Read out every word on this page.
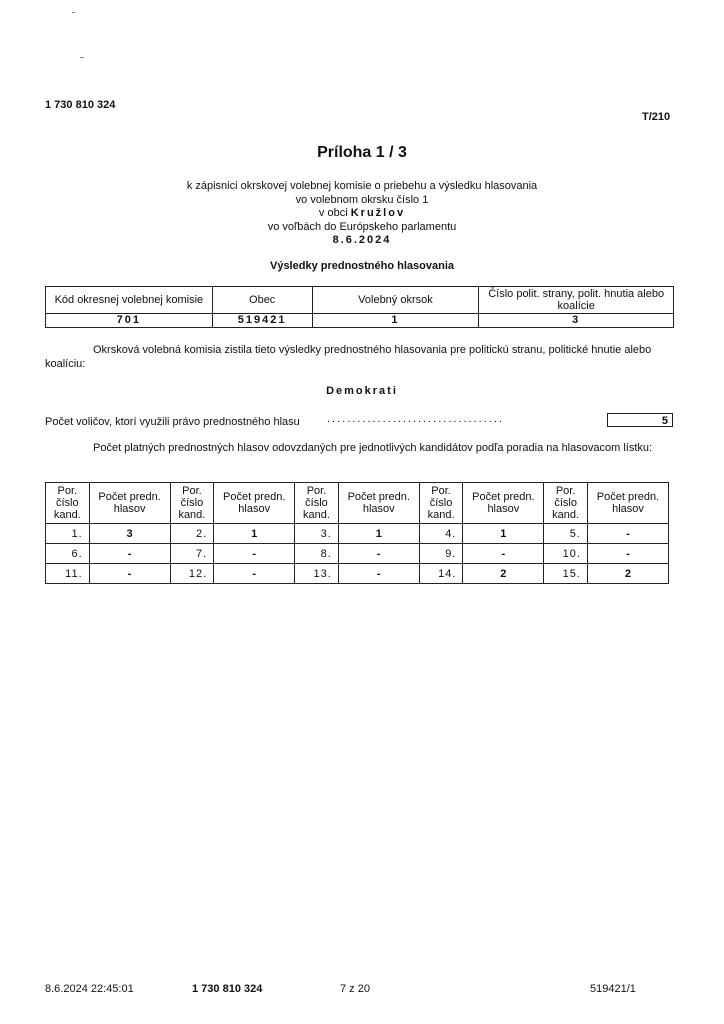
1 730 810 324
T/210
Príloha 1 / 3
k zápisnici okrskovej volebnej komisie o priebehu a výsledku hlasovania
vo volebnom okrsku číslo 1
v obci Kružlov
vo voľbách do Európskeho parlamentu
8.6.2024
Výsledky prednostného hlasovania
Kód okresnej volebnej komisie	Obec	Volebný okrsok	Číslo polit. strany, polit. hnutia alebo koalície
701	519421	1	3
Okrsková volebná komisia zistila tieto výsledky prednostného hlasovania pre politickú stranu, politické hnutie alebo koalíciu:
Demokrati
Počet voličov, ktorí využili právo prednostného hlasu ...................................	5
Počet platných prednostných hlasov odovzdaných pre jednotlivých kandidátov podľa poradia na hlasovacom lístku:
Por. číslo kand.	Počet predn. hlasov	Por. číslo kand.	Počet predn. hlasov	Por. číslo kand.	Počet predn. hlasov	Por. číslo kand.	Počet predn. hlasov	Por. číslo kand.	Počet predn. hlasov
1.	3	2.	1	3.	1	4.	1	5.	-
6.	-	7.	-	8.	-	9.	-	10.	-
11.	-	12.	-	13.	-	14.	2	15.	2
8.6.2024 22:45:01	1 730 810 324	7 z 20	519421/1
